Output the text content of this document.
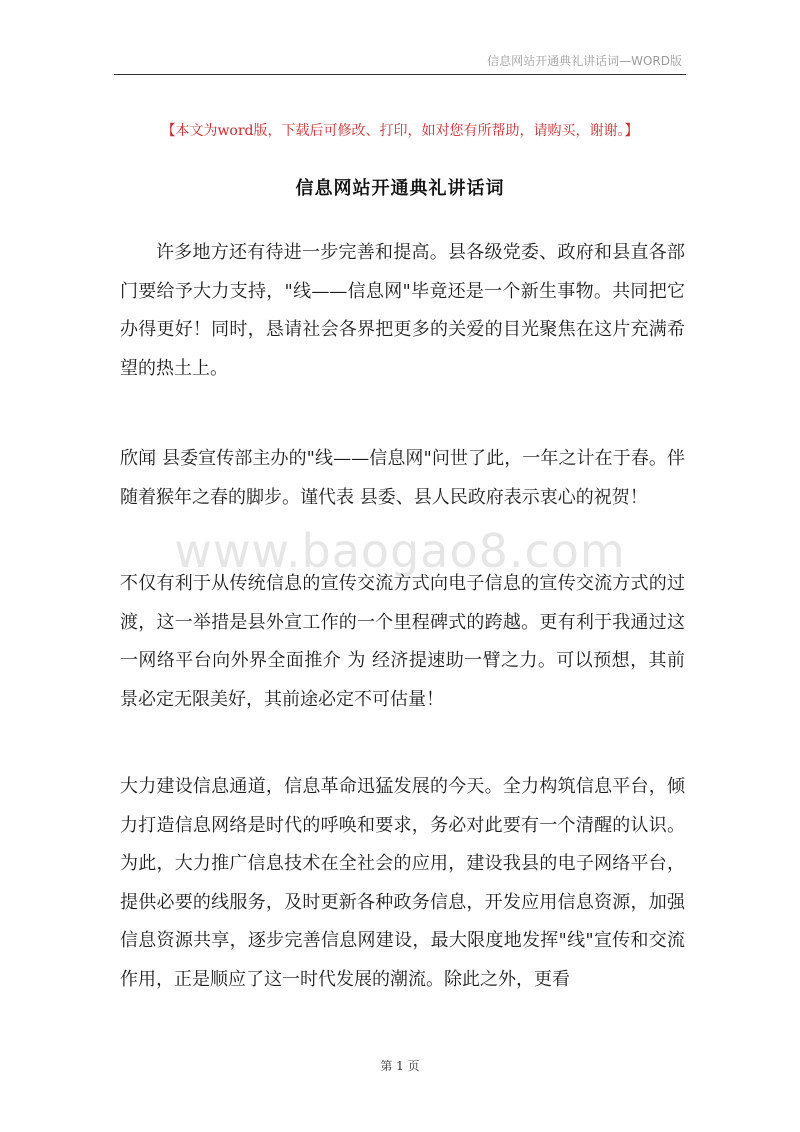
信息网站开通典礼讲话词—WORD版
【本文为word版，下载后可修改、打印，如对您有所帮助，请购买，谢谢。】
信息网站开通典礼讲话词
www.baogao8.com

许多地方还有待进一步完善和提高。县各级党委、政府和县直各部门要给予大力支持，"线——信息网"毕竟还是一个新生事物。共同把它办得更好！同时，恳请社会各界把更多的关爱的目光聚焦在这片充满希望的热土上。

欣闻 县委宣传部主办的"线——信息网"问世了此，一年之计在于春。伴随着猴年之春的脚步。谨代表 县委、县人民政府表示衷心的祝贺！

不仅有利于从传统信息的宣传交流方式向电子信息的宣传交流方式的过渡，这一举措是县外宣工作的一个里程碑式的跨越。更有利于我通过这一网络平台向外界全面推介 为 经济提速助一臂之力。可以预想，其前景必定无限美好，其前途必定不可估量！

大力建设信息通道，信息革命迅猛发展的今天。全力构筑信息平台，倾力打造信息网络是时代的呼唤和要求，务必对此要有一个清醒的认识。为此，大力推广信息技术在全社会的应用，建设我县的电子网络平台，提供必要的线服务，及时更新各种政务信息，开发应用信息资源，加强信息资源共享，逐步完善信息网建设，最大限度地发挥"线"宣传和交流作用，正是顺应了这一时代发展的潮流。除此之外，更看

第 1 页
